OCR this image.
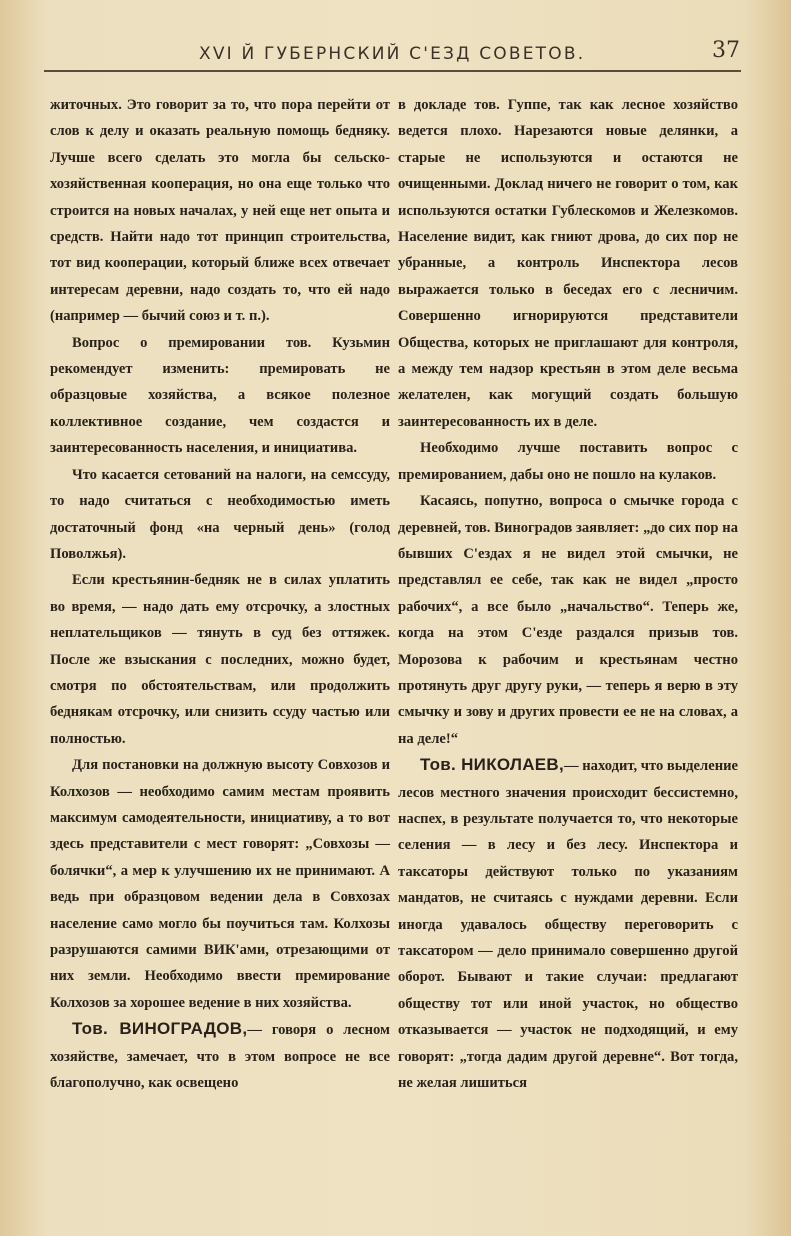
XVI Й ГУБЕРНСКИЙ С'ЕЗД СОВЕТОВ.	37

житочных. Это говорит за то, что пора перейти от слов к делу и оказать реальную помощь бедняку. Лучше всего сделать это могла бы сельско-хозяйственная кооперация, но она еще только что строится на новых началах, у ней еще нет опыта и средств. Найти надо тот принцип строительства, тот вид кооперации, который ближе всех отвечает интересам деревни, надо создать то, что ей надо (например — бычий союз и т. п.).

Вопрос о премировании тов. Кузьмин рекомендует изменить: премировать не образцовые хозяйства, а всякое полезное коллективное создание, чем создастся и заинтересованность населения, и инициатива.

Что касается сетований на налоги, на семссуду, то надо считаться с необходимостью иметь достаточный фонд «на черный день» (голод Поволжья).

Если крестьянин-бедняк не в силах уплатить во время, — надо дать ему отсрочку, а злостных неплательщиков — тянуть в суд без оттяжек. После же взыскания с последних, можно будет, смотря по обстоятельствам, или продолжить беднякам отсрочку, или снизить ссуду частью или полностью.

Для постановки на должную высоту Совхозов и Колхозов — необходимо самим местам проявить максимум самодеятельности, инициативу, а то вот здесь представители с мест говорят: „Совхозы — болячки“, а мер к улучшению их не принимают. А ведь при образцовом ведении дела в Совхозах население само могло бы поучиться там. Колхозы разрушаются самими ВИК'ами, отрезающими от них земли. Необходимо ввести премирование Колхозов за хорошее ведение в них хозяйства.

Тов. ВИНОГРАДОВ,— говоря о лесном хозяйстве, замечает, что в этом вопросе не все благополучно, как освещено

в докладе тов. Гуппе, так как лесное хозяйство ведется плохо. Нарезаются новые делянки, а старые не используются и остаются не очищенными. Доклад ничего не говорит о том, как используются остатки Гублескомов и Железкомов. Население видит, как гниют дрова, до сих пор не убранные, а контроль Инспектора лесов выражается только в беседах его с лесничим. Совершенно игнорируются представители Общества, которых не приглашают для контроля, а между тем надзор крестьян в этом деле весьма желателен, как могущий создать большую заинтересованность их в деле.

Необходимо лучше поставить вопрос с премированием, дабы оно не пошло на кулаков.

Касаясь, попутно, вопроса о смычке города с деревней, тов. Виноградов заявляет: „до сих пор на бывших С'ездах я не видел этой смычки, не представлял ее себе, так как не видел „просто рабочих“, а все было „начальство“. Теперь же, когда на этом С'езде раздался призыв тов. Морозова к рабочим и крестьянам честно протянуть друг другу руки, — теперь я верю в эту смычку и зову и других провести ее не на словах, а на деле!“

Тов. НИКОЛАЕВ,— находит, что выделение лесов местного значения происходит бессистемно, наспех, в результате получается то, что некоторые селения — в лесу и без лесу. Инспектора и таксаторы действуют только по указаниям мандатов, не считаясь с нуждами деревни. Если иногда удавалось обществу переговорить с таксатором — дело принимало совершенно другой оборот. Бывают и такие случаи: предлагают обществу тот или иной участок, но общество отказывается — участок не подходящий, и ему говорят: „тогда дадим другой деревне“. Вот тогда, не желая лишиться
